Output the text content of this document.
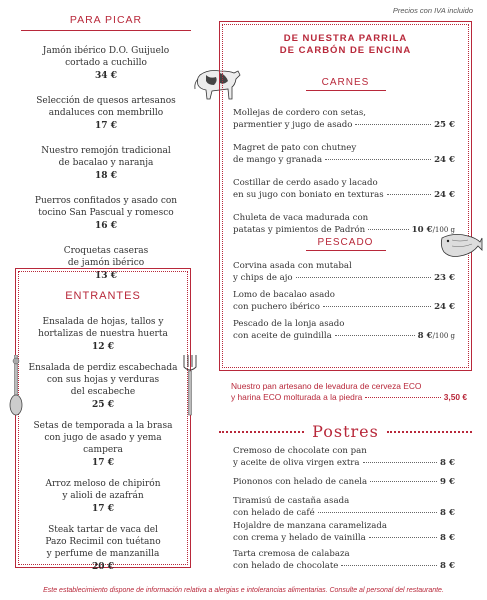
Precios con IVA incluido
PARA PICAR
Jamón ibérico D.O. Guijuelo
cortado a cuchillo
34 €
Selección de quesos artesanos
andaluces con membrillo
17 €
Nuestro remojón tradicional
de bacalao y naranja
18 €
Puerros confitados y asado con
tocino San Pascual y romesco
16 €
Croquetas caseras
de jamón ibérico
13 €
ENTRANTES
Ensalada de hojas, tallos y
hortalizas de nuestra huerta
12 €
Ensalada de perdiz escabechada
con sus hojas y verduras
del escabeche
25 €
Setas de temporada a la brasa
con jugo de asado y yema
campera
17 €
Arroz meloso de chipirón
y alioli de azafrán
17 €
Steak tartar de vaca del
Pazo Recimil con tuétano
y perfume de manzanilla
20 €
DE NUESTRA PARRILA
DE CARBÓN DE ENCINA
CARNES
PESCADO
Mollejas de cordero con setas,
parmentier y jugo de asado	25 €
Magret de pato con chutney
de mango y granada	24 €
Costillar de cerdo asado y lacado
en su jugo con boniato en texturas	24 €
Chuleta de vaca madurada con
patatas y pimientos de Padrón	10 €/100 g
Corvina asada con mutabal
y chips de ajo	23 €
Lomo de bacalao asado
con puchero ibérico	24 €
Pescado de la lonja asado
con aceite de guindilla	8 €/100 g
Nuestro pan artesano de levadura de cerveza ECO
y harina ECO molturada a la piedra	3,50 €
Postres
Cremoso de chocolate con pan
y aceite de oliva virgen extra	8 €
Piononos con helado de canela	9 €
Tiramisú de castaña asada
con helado de café	8 €
Hojaldre de manzana caramelizada
con crema y helado de vainilla	8 €
Tarta cremosa de calabaza
con helado de chocolate	8 €
Este establecimiento dispone de información relativa a alergias e intolerancias alimentarias. Consulte al personal del restaurante.
